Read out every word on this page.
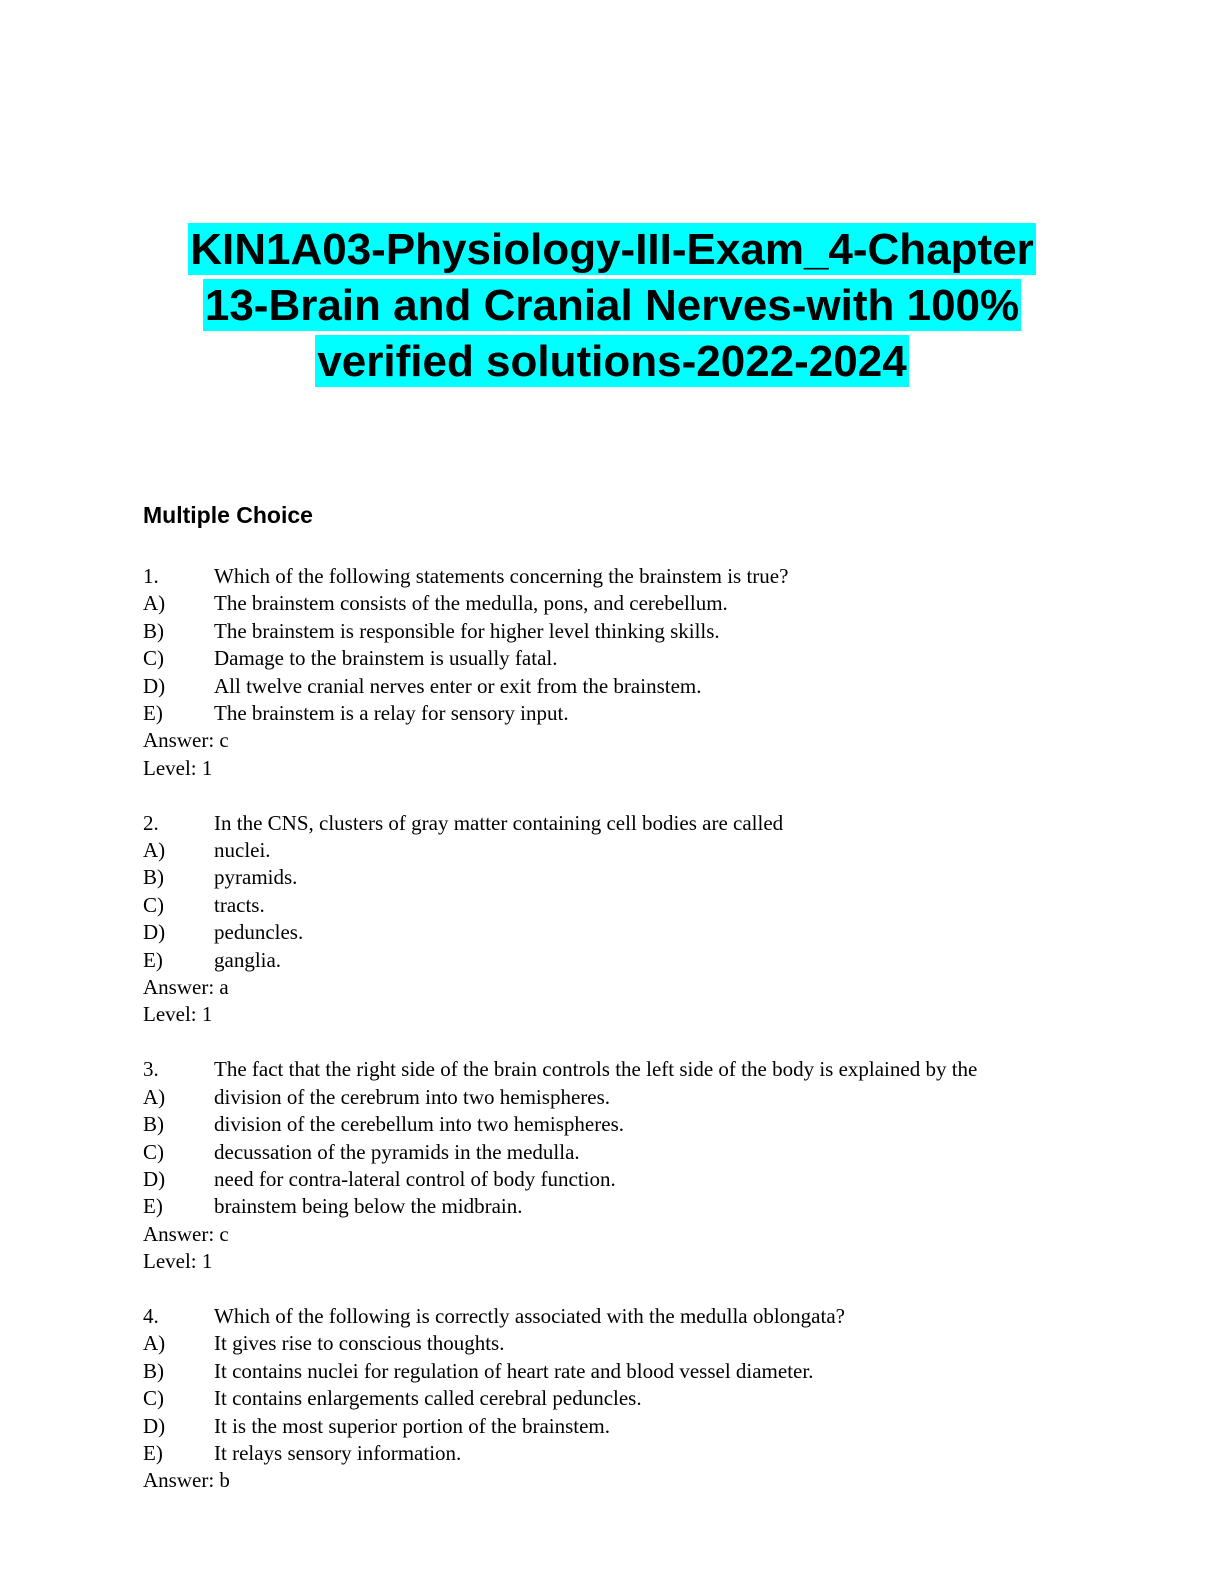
KIN1A03-Physiology-III-Exam_4-Chapter
13-Brain and Cranial Nerves-with 100%
verified solutions-2022-2024
Multiple Choice
1.	Which of the following statements concerning the brainstem is true?
A) The brainstem consists of the medulla, pons, and cerebellum.
B) The brainstem is responsible for higher level thinking skills.
C) Damage to the brainstem is usually fatal.
D) All twelve cranial nerves enter or exit from the brainstem.
E) The brainstem is a relay for sensory input.
Answer: c
Level: 1
2.	In the CNS, clusters of gray matter containing cell bodies are called
A) nuclei.
B) pyramids.
C) tracts.
D) peduncles.
E) ganglia.
Answer: a
Level: 1
3.	The fact that the right side of the brain controls the left side of the body is explained by the
A) division of the cerebrum into two hemispheres.
B) division of the cerebellum into two hemispheres.
C) decussation of the pyramids in the medulla.
D) need for contra-lateral control of body function.
E) brainstem being below the midbrain.
Answer: c
Level: 1
4.	Which of the following is correctly associated with the medulla oblongata?
A) It gives rise to conscious thoughts.
B) It contains nuclei for regulation of heart rate and blood vessel diameter.
C) It contains enlargements called cerebral peduncles.
D) It is the most superior portion of the brainstem.
E) It relays sensory information.
Answer: b
